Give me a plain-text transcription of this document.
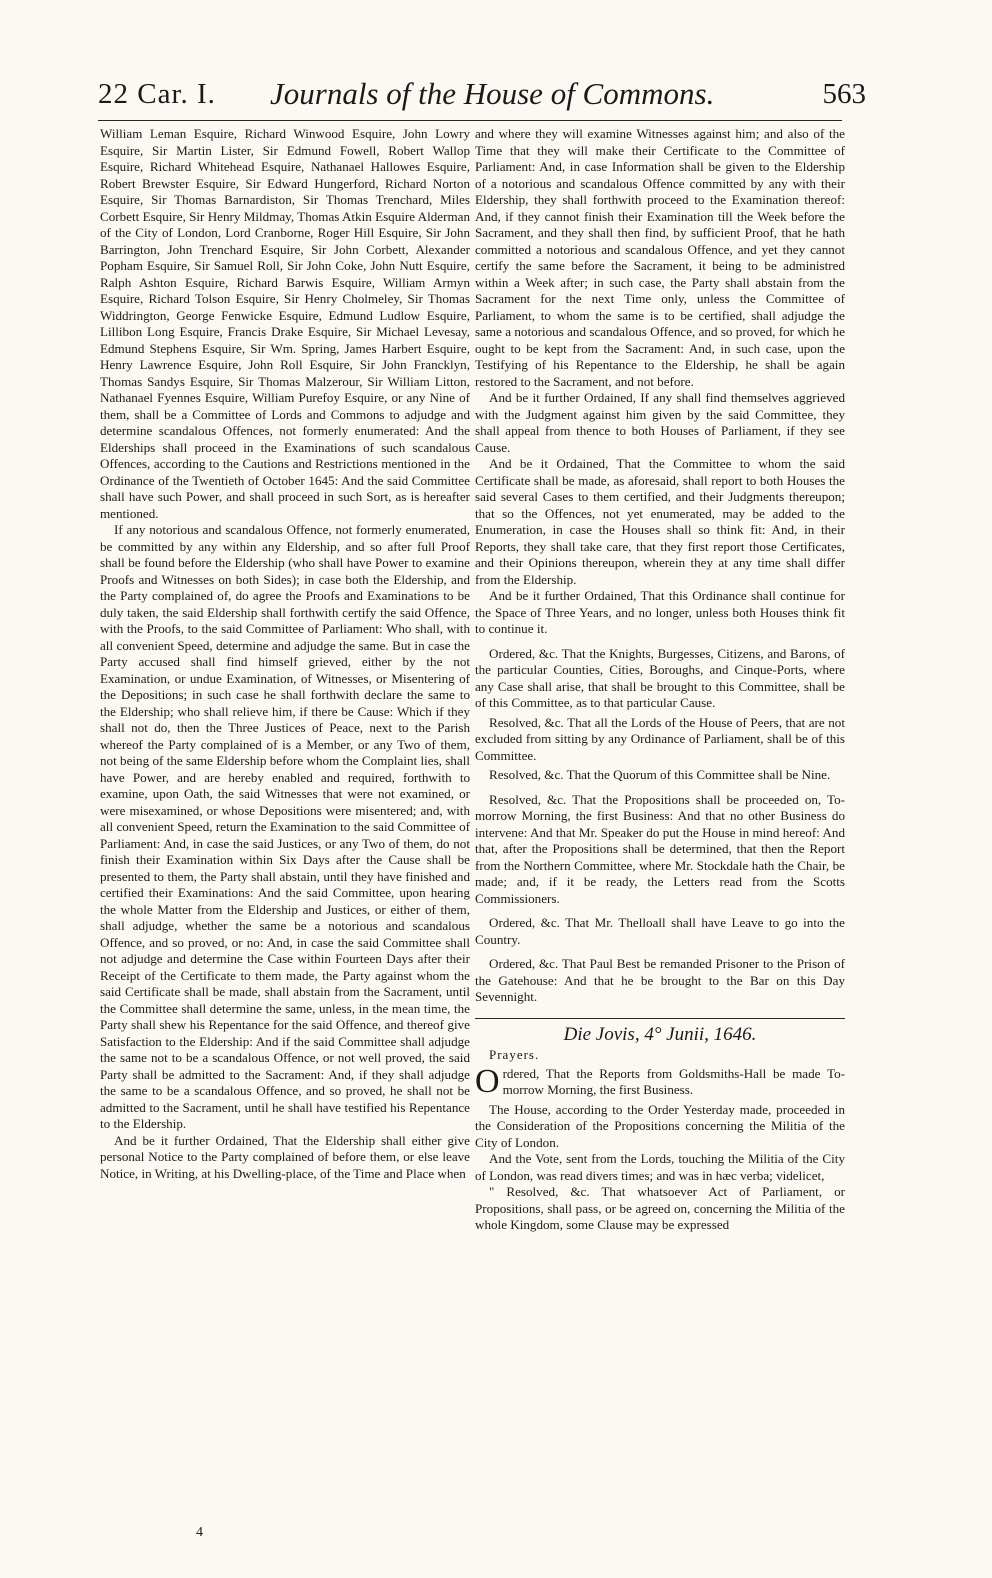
22 Car. I. Journals of the House of Commons.	563

William Leman Esquire, Richard Winwood Esquire, John Lowry Esquire, Sir Martin Lister, Sir Edmund Fowell, Robert Wallop Esquire, Richard Whitehead Esquire, Nathanael Hallowes Esquire, Robert Brewster Esquire, Sir Edward Hungerford, Richard Norton Esquire, Sir Thomas Barnardiston, Sir Thomas Trenchard, Miles Corbett Esquire, Sir Henry Mildmay, Thomas Atkin Esquire Alderman of the City of London, Lord Cranborne, Roger Hill Esquire, Sir John Barrington, John Trenchard Esquire, Sir John Corbett, Alexander Popham Esquire, Sir Samuel Roll, Sir John Coke, John Nutt Esquire, Ralph Ashton Esquire, Richard Barwis Esquire, William Armyn Esquire, Richard Tolson Esquire, Sir Henry Cholmeley, Sir Thomas Widdrington, George Fenwicke Esquire, Edmund Ludlow Esquire, Lillibon Long Esquire, Francis Drake Esquire, Sir Michael Levesay, Edmund Stephens Esquire, Sir Wm. Spring, James Harbert Esquire, Henry Lawrence Esquire, John Roll Esquire, Sir John Francklyn, Thomas Sandys Esquire, Sir Thomas Malzerour, Sir William Litton, Nathanael Fyennes Esquire, William Purefoy Esquire, or any Nine of them, shall be a Committee of Lords and Commons to adjudge and determine scandalous Offences, not formerly enumerated: And the Elderships shall proceed in the Examinations of such scandalous Offences, according to the Cautions and Restrictions mentioned in the Ordinance of the Twentieth of October 1645: And the said Committee shall have such Power, and shall proceed in such Sort, as is hereafter mentioned.

If any notorious and scandalous Offence, not formerly enumerated, be committed by any within any Eldership, and so after full Proof shall be found before the Eldership (who shall have Power to examine Proofs and Witnesses on both Sides); in case both the Eldership, and the Party complained of, do agree the Proofs and Examinations to be duly taken, the said Eldership shall forthwith certify the said Offence, with the Proofs, to the said Committee of Parliament: Who shall, with all convenient Speed, determine and adjudge the same. But in case the Party accused shall find himself grieved, either by the not Examination, or undue Examination, of Witnesses, or Misentering of the Depositions; in such case he shall forthwith declare the same to the Eldership; who shall relieve him, if there be Cause: Which if they shall not do, then the Three Justices of Peace, next to the Parish whereof the Party complained of is a Member, or any Two of them, not being of the same Eldership before whom the Complaint lies, shall have Power, and are hereby enabled and required, forthwith to examine, upon Oath, the said Witnesses that were not examined, or were misexamined, or whose Depositions were misentered; and, with all convenient Speed, return the Examination to the said Committee of Parliament: And, in case the said Justices, or any Two of them, do not finish their Examination within Six Days after the Cause shall be presented to them, the Party shall abstain, until they have finished and certified their Examinations: And the said Committee, upon hearing the whole Matter from the Eldership and Justices, or either of them, shall adjudge, whether the same be a notorious and scandalous Offence, and so proved, or no: And, in case the said Committee shall not adjudge and determine the Case within Fourteen Days after their Receipt of the Certificate to them made, the Party against whom the said Certificate shall be made, shall abstain from the Sacrament, until the Committee shall determine the same, unless, in the mean time, the Party shall shew his Repentance for the said Offence, and thereof give Satisfaction to the Eldership: And if the said Committee shall adjudge the same not to be a scandalous Offence, or not well proved, the said Party shall be admitted to the Sacrament: And, if they shall adjudge the same to be a scandalous Offence, and so proved, he shall not be admitted to the Sacrament, until he shall have testified his Repentance to the Eldership.

And be it further Ordained, That the Eldership shall either give personal Notice to the Party complained of before them, or else leave Notice, in Writing, at his Dwelling-place, of the Time and Place when

and where they will examine Witnesses against him; and also of the Time that they will make their Certificate to the Committee of Parliament: And, in case Information shall be given to the Eldership of a notorious and scandalous Offence committed by any with their Eldership, they shall forthwith proceed to the Examination thereof: And, if they cannot finish their Examination till the Week before the Sacrament, and they shall then find, by sufficient Proof, that he hath committed a notorious and scandalous Offence, and yet they cannot certify the same before the Sacrament, it being to be administred within a Week after; in such case, the Party shall abstain from the Sacrament for the next Time only, unless the Committee of Parliament, to whom the same is to be certified, shall adjudge the same a notorious and scandalous Offence, and so proved, for which he ought to be kept from the Sacrament: And, in such case, upon the Testifying of his Repentance to the Eldership, he shall be again restored to the Sacrament, and not before.

And be it further Ordained, If any shall find themselves aggrieved with the Judgment against him given by the said Committee, they shall appeal from thence to both Houses of Parliament, if they see Cause.

And be it Ordained, That the Committee to whom the said Certificate shall be made, as aforesaid, shall report to both Houses the said several Cases to them certified, and their Judgments thereupon; that so the Offences, not yet enumerated, may be added to the Enumeration, in case the Houses shall so think fit: And, in their Reports, they shall take care, that they first report those Certificates, and their Opinions thereupon, wherein they at any time shall differ from the Eldership.

And be it further Ordained, That this Ordinance shall continue for the Space of Three Years, and no longer, unless both Houses think fit to continue it.

Ordered, &c. That the Knights, Burgesses, Citizens, and Barons, of the particular Counties, Cities, Boroughs, and Cinque-Ports, where any Case shall arise, that shall be brought to this Committee, shall be of this Committee, as to that particular Cause.

Resolved, &c. That all the Lords of the House of Peers, that are not excluded from sitting by any Ordinance of Parliament, shall be of this Committee.

Resolved, &c. That the Quorum of this Committee shall be Nine.

Resolved, &c. That the Propositions shall be proceeded on, To-morrow Morning, the first Business: And that no other Business do intervene: And that Mr. Speaker do put the House in mind hereof: And that, after the Propositions shall be determined, that then the Report from the Northern Committee, where Mr. Stockdale hath the Chair, be made; and, if it be ready, the Letters read from the Scotts Commissioners.

Ordered, &c. That Mr. Thelloall shall have Leave to go into the Country.

Ordered, &c. That Paul Best be remanded Prisoner to the Prison of the Gatehouse: And that he be brought to the Bar on this Day Sevennight.

Die Jovis, 4° Junii, 1646.
Prayers.

Ordered, That the Reports from Goldsmiths-Hall be made To-morrow Morning, the first Business.

The House, according to the Order Yesterday made, proceeded in the Consideration of the Propositions concerning the Militia of the City of London.

And the Vote, sent from the Lords, touching the Militia of the City of London, was read divers times; and was in hæc verba; videlicet,

" Resolved, &c. That whatsoever Act of Parliament, or Propositions, shall pass, or be agreed on, concerning the Militia of the whole Kingdom, some Clause may be expressed

4
